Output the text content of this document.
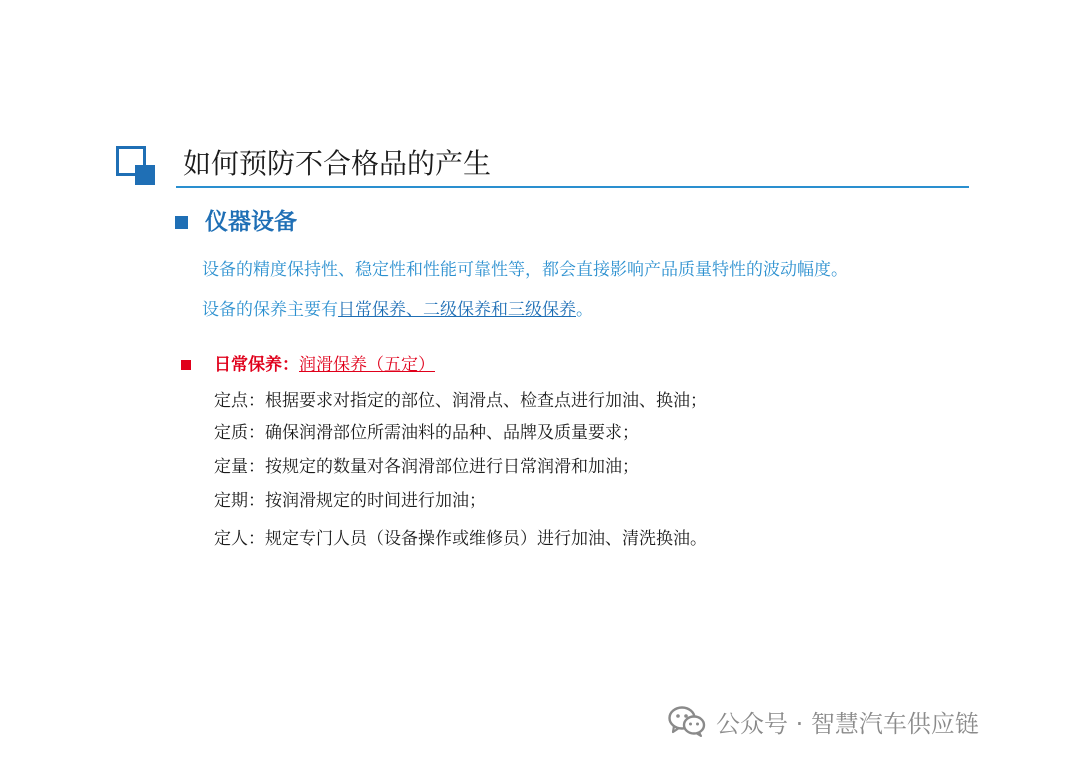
如何预防不合格品的产生
仪器设备
设备的精度保持性、稳定性和性能可靠性等，都会直接影响产品质量特性的波动幅度。
设备的保养主要有日常保养、二级保养和三级保养。
日常保养：润滑保养（五定）
定点：根据要求对指定的部位、润滑点、检查点进行加油、换油；
定质：确保润滑部位所需油料的品种、品牌及质量要求；
定量：按规定的数量对各润滑部位进行日常润滑和加油；
定期：按润滑规定的时间进行加油；
定人：规定专门人员（设备操作或维修员）进行加油、清洗换油。
公众号 · 智慧汽车供应链
